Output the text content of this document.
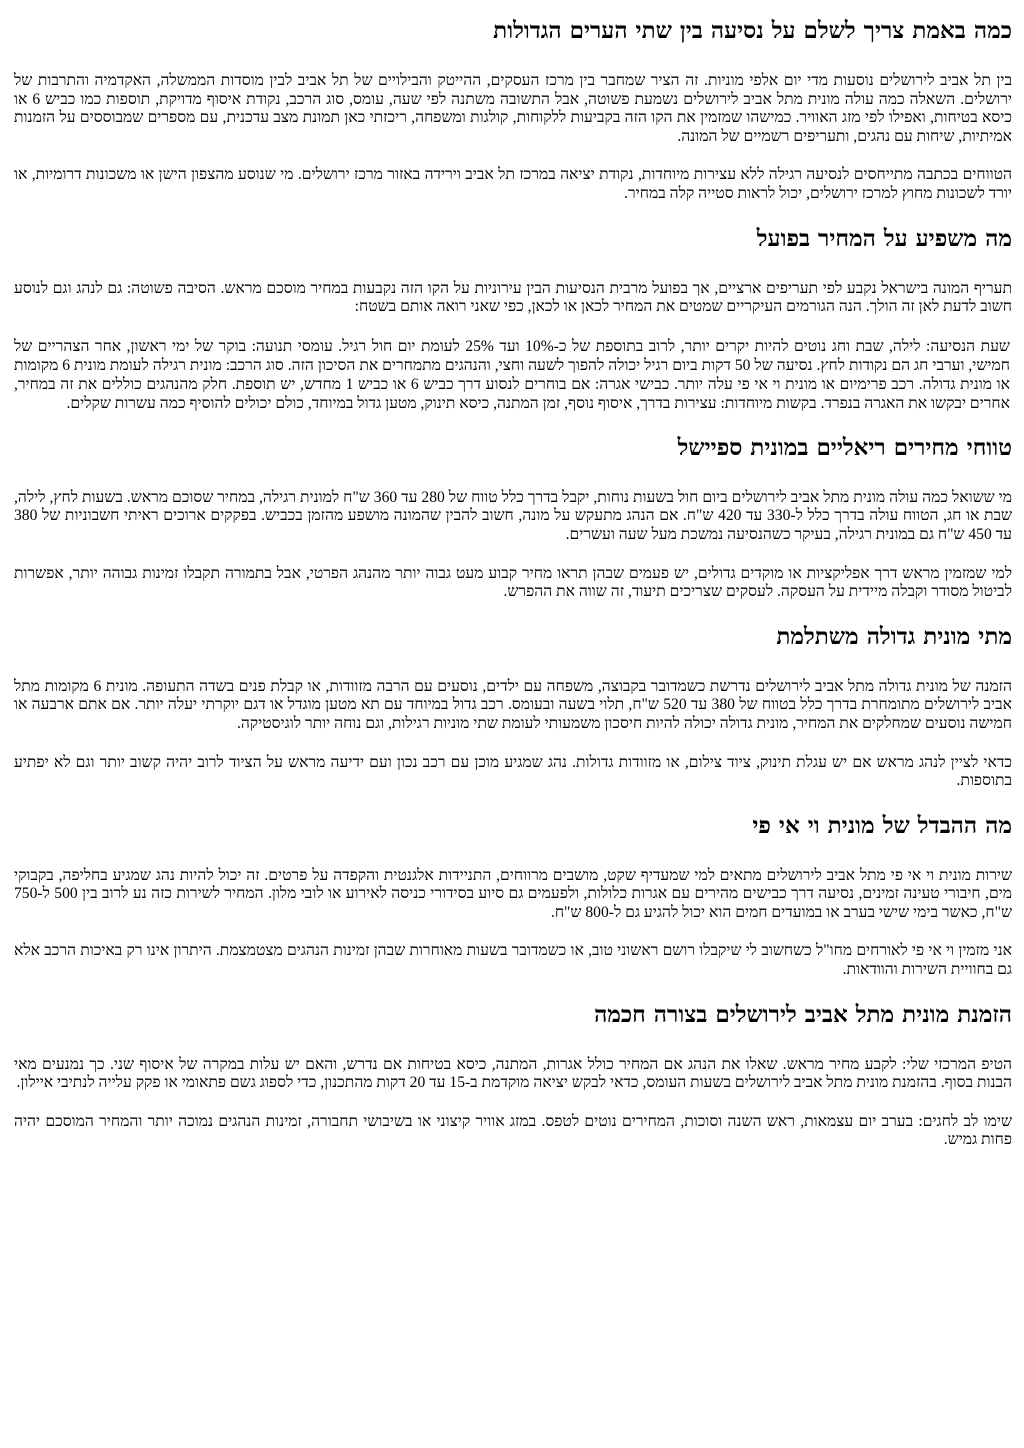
כמה באמת צריך לשלם על נסיעה בין שתי הערים הגדולות

בין תל אביב לירושלים נוסעות מדי יום אלפי מוניות. זה הציר שמחבר בין מרכז העסקים, ההייטק והבילויים של תל אביב לבין מוסדות הממשלה, האקדמיה והתרבות של ירושלים. השאלה כמה עולה מונית מתל אביב לירושלים נשמעת פשוטה, אבל התשובה משתנה לפי שעה, עומס, סוג הרכב, נקודת איסוף מדויקת, תוספות כמו כביש 6 או כיסא בטיחות, ואפילו לפי מזג האוויר. כמישהו שמזמין את הקו הזה בקביעות ללקוחות, קולגות ומשפחה, ריכזתי כאן תמונת מצב עדכנית, עם מספרים שמבוססים על הזמנות אמיתיות, שיחות עם נהגים, ותעריפים רשמיים של המונה.

הטווחים בכתבה מתייחסים לנסיעה רגילה ללא עצירות מיוחדות, נקודת יציאה במרכז תל אביב וירידה באזור מרכז ירושלים. מי שנוסע מהצפון הישן או משכונות דרומיות, או יורד לשכונות מחוץ למרכז ירושלים, יכול לראות סטייה קלה במחיר.

מה משפיע על המחיר בפועל

תעריף המונה בישראל נקבע לפי תעריפים ארציים, אך בפועל מרבית הנסיעות הבין עירוניות על הקו הזה נקבעות במחיר מוסכם מראש. הסיבה פשוטה: גם לנהג וגם לנוסע חשוב לדעת לאן זה הולך. הנה הגורמים העיקריים שמטים את המחיר לכאן או לכאן, כפי שאני רואה אותם בשטח:

שעת הנסיעה: לילה, שבת וחג נוטים להיות יקרים יותר, לרוב בתוספת של כ-10% ועד 25% לעומת יום חול רגיל. עומסי תנועה: בוקר של ימי ראשון, אחר הצהריים של חמישי, וערבי חג הם נקודות לחץ. נסיעה של 50 דקות ביום רגיל יכולה להפוך לשעה וחצי, והנהגים מתמחרים את הסיכון הזה. סוג הרכב: מונית רגילה לעומת מונית 6 מקומות או מונית גדולה. רכב פרימיום או מונית וי אי פי עלה יותר. כבישי אגרה: אם בוחרים לנסוע דרך כביש 6 או כביש 1 מחדש, יש תוספת. חלק מהנהגים כוללים את זה במחיר, אחרים יבקשו את האגרה בנפרד. בקשות מיוחדות: עצירות בדרך, איסוף נוסף, זמן המתנה, כיסא תינוק, מטען גדול במיוחד, כולם יכולים להוסיף כמה עשרות שקלים.
טווחי מחירים ריאליים במונית ספיישל

מי ששואל כמה עולה מונית מתל אביב לירושלים ביום חול בשעות נוחות, יקבל בדרך כלל טווח של 280 עד 360 ש"ח למונית רגילה, במחיר שסוכם מראש. בשעות לחץ, לילה, שבת או חג, הטווח עולה בדרך כלל ל-330 עד 420 ש"ח. אם הנהג מתעקש על מונה, חשוב להבין שהמונה מושפע מהזמן בכביש. בפקקים ארוכים ראיתי חשבוניות של 380 עד 450 ש"ח גם במונית רגילה, בעיקר כשהנסיעה נמשכת מעל שעה ועשרים.

למי שמזמין מראש דרך אפליקציות או מוקדים גדולים, יש פעמים שבהן תראו מחיר קבוע מעט גבוה יותר מהנהג הפרטי, אבל בתמורה תקבלו זמינות גבוהה יותר, אפשרות לביטול מסודר וקבלה מיידית על העסקה. לעסקים שצריכים תיעוד, זה שווה את ההפרש.

מתי מונית גדולה משתלמת

הזמנה של מונית גדולה מתל אביב לירושלים נדרשת כשמדובר בקבוצה, משפחה עם ילדים, נוסעים עם הרבה מזוודות, או קבלת פנים בשדה התעופה. מונית 6 מקומות מתל אביב לירושלים מתומחרת בדרך כלל בטווח של 380 עד 520 ש"ח, תלוי בשעה ובעומס. רכב גדול במיוחד עם תא מטען מוגדל או דגם יוקרתי יעלה יותר. אם אתם ארבעה או חמישה נוסעים שמחלקים את המחיר, מונית גדולה יכולה להיות חיסכון משמעותי לעומת שתי מוניות רגילות, וגם נוחה יותר לוגיסטיקה.

כדאי לציין לנהג מראש אם יש עגלת תינוק, ציוד צילום, או מזוודות גדולות. נהג שמגיע מוכן עם רכב נכון ועם ידיעה מראש על הציוד לרוב יהיה קשוב יותר וגם לא יפתיע בתוספות.

מה ההבדל של מונית וי אי פי

שירות מונית וי אי פי מתל אביב לירושלים מתאים למי שמעדיף שקט, מושבים מרווחים, התניידות אלגנטית והקפדה על פרטים. זה יכול להיות נהג שמגיע בחליפה, בקבוקי מים, חיבורי טעינה זמינים, נסיעה דרך כבישים מהירים עם אגרות כלולות, ולפעמים גם סיוע בסידורי כניסה לאירוע או לובי מלון. המחיר לשירות כזה נע לרוב בין 500 ל-750 ש"ח, כאשר בימי שישי בערב או במועדים חמים הוא יכול להגיע גם ל-800 ש"ח.

אני מזמין וי אי פי לאורחים מחו"ל כשחשוב לי שיקבלו רושם ראשוני טוב, או כשמדובר בשעות מאוחרות שבהן זמינות הנהגים מצטמצמת. היתרון אינו רק באיכות הרכב אלא גם בחוויית השירות והוודאות.

הזמנת מונית מתל אביב לירושלים בצורה חכמה

הטיפ המרכזי שלי: לקבע מחיר מראש. שאלו את הנהג אם המחיר כולל אגרות, המתנה, כיסא בטיחות אם נדרש, והאם יש עלות במקרה של איסוף שני. כך נמנעים מאי הבנות בסוף. בהזמנת מונית מתל אביב לירושלים בשעות העומס, כדאי לבקש יציאה מוקדמת ב-15 עד 20 דקות מהתכנון, כדי לספוג גשם פתאומי או פקק עלייה לנתיבי איילון.

שימו לב לחגים: בערב יום עצמאות, ראש השנה וסוכות, המחירים נוטים לטפס. במזג אוויר קיצוני או בשיבושי תחבורה, זמינות הנהגים נמוכה יותר והמחיר המוסכם יהיה פחות גמיש.
